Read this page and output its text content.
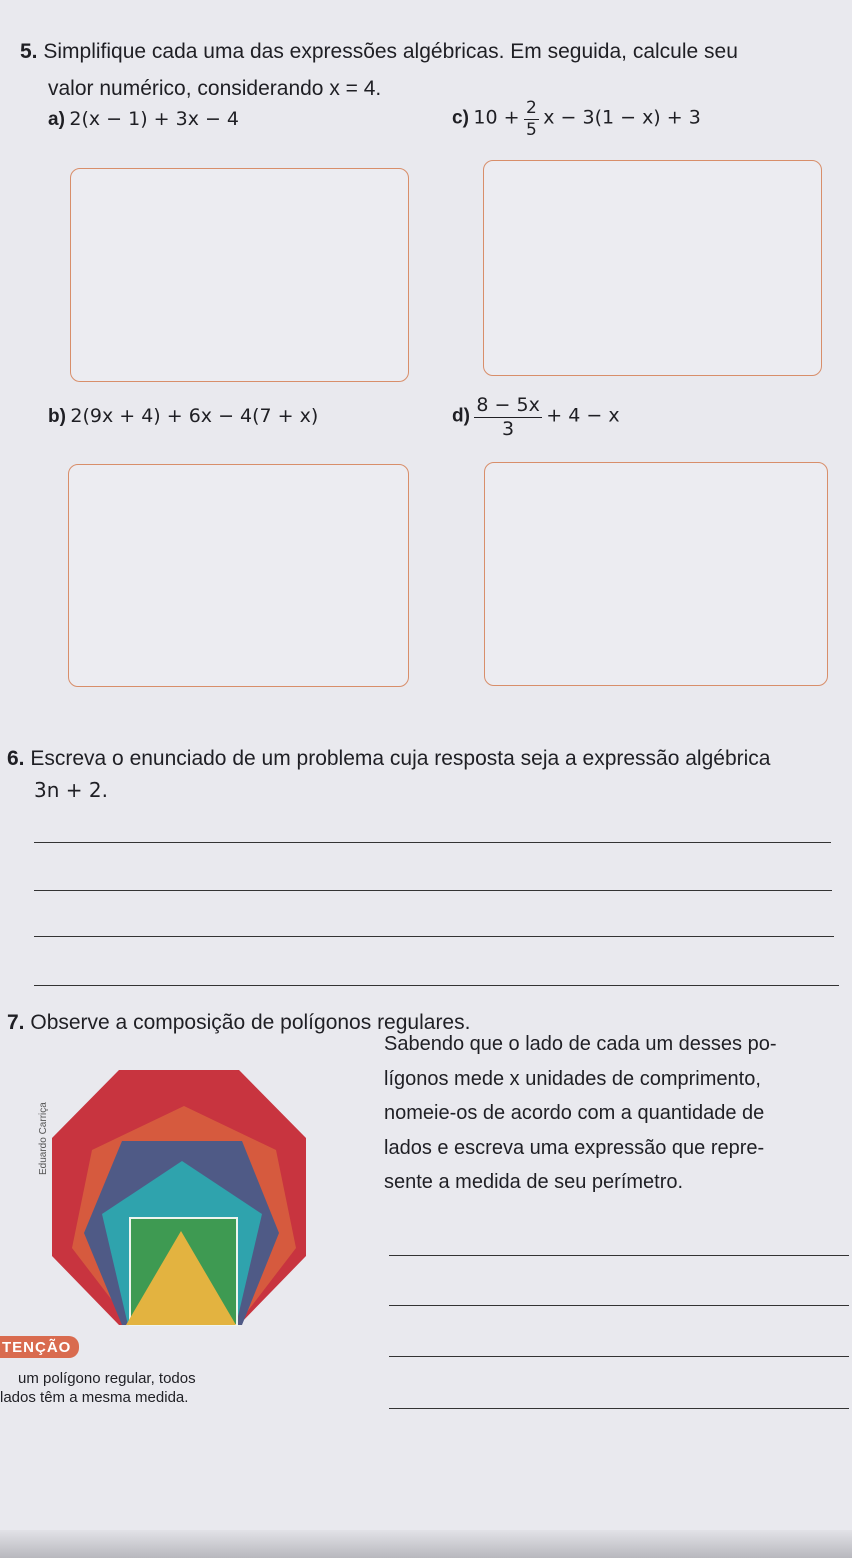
5. Simplifique cada uma das expressões algébricas. Em seguida, calcule seu
valor numérico, considerando x = 4.
a) 2(x − 1) + 3x − 4	c) $10 + \frac{2}{5}$ x − 3(1 − x) + 3
b) 2(9x + 4) + 6x − 4(7 + x)	$d) \frac{8 - 5x}{3} + 4 - x$
6. Escreva o enunciado de um problema cuja resposta seja a expressão algébrica
3n + 2.
7. Observe a composição de polígonos regulares.
Eduardo Carriça
Sabendo que o lado de cada um desses po-
lígonos mede x unidades de comprimento,
nomeie-os de acordo com a quantidade de
lados e escreva uma expressão que repre-
sente a medida de seu perímetro.
TENÇÃO
um polígono regular, todos
lados têm a mesma medida.
